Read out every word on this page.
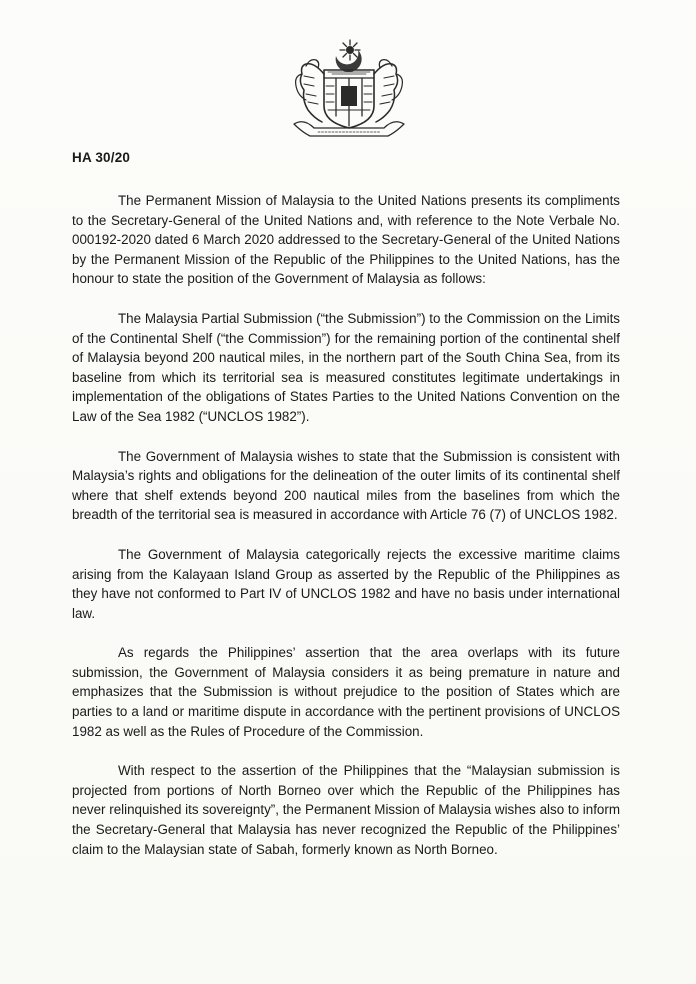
HA 30/20

The Permanent Mission of Malaysia to the United Nations presents its compliments to the Secretary-General of the United Nations and, with reference to the Note Verbale No. 000192-2020 dated 6 March 2020 addressed to the Secretary-General of the United Nations by the Permanent Mission of the Republic of the Philippines to the United Nations, has the honour to state the position of the Government of Malaysia as follows:

The Malaysia Partial Submission (“the Submission”) to the Commission on the Limits of the Continental Shelf (“the Commission”) for the remaining portion of the continental shelf of Malaysia beyond 200 nautical miles, in the northern part of the South China Sea, from its baseline from which its territorial sea is measured constitutes legitimate undertakings in implementation of the obligations of States Parties to the United Nations Convention on the Law of the Sea 1982 (“UNCLOS 1982”).

The Government of Malaysia wishes to state that the Submission is consistent with Malaysia’s rights and obligations for the delineation of the outer limits of its continental shelf where that shelf extends beyond 200 nautical miles from the baselines from which the breadth of the territorial sea is measured in accordance with Article 76 (7) of UNCLOS 1982.

The Government of Malaysia categorically rejects the excessive maritime claims arising from the Kalayaan Island Group as asserted by the Republic of the Philippines as they have not conformed to Part IV of UNCLOS 1982 and have no basis under international law.

As regards the Philippines’ assertion that the area overlaps with its future submission, the Government of Malaysia considers it as being premature in nature and emphasizes that the Submission is without prejudice to the position of States which are parties to a land or maritime dispute in accordance with the pertinent provisions of UNCLOS 1982 as well as the Rules of Procedure of the Commission.

With respect to the assertion of the Philippines that the “Malaysian submission is projected from portions of North Borneo over which the Republic of the Philippines has never relinquished its sovereignty”, the Permanent Mission of Malaysia wishes also to inform the Secretary-General that Malaysia has never recognized the Republic of the Philippines’ claim to the Malaysian state of Sabah, formerly known as North Borneo.
